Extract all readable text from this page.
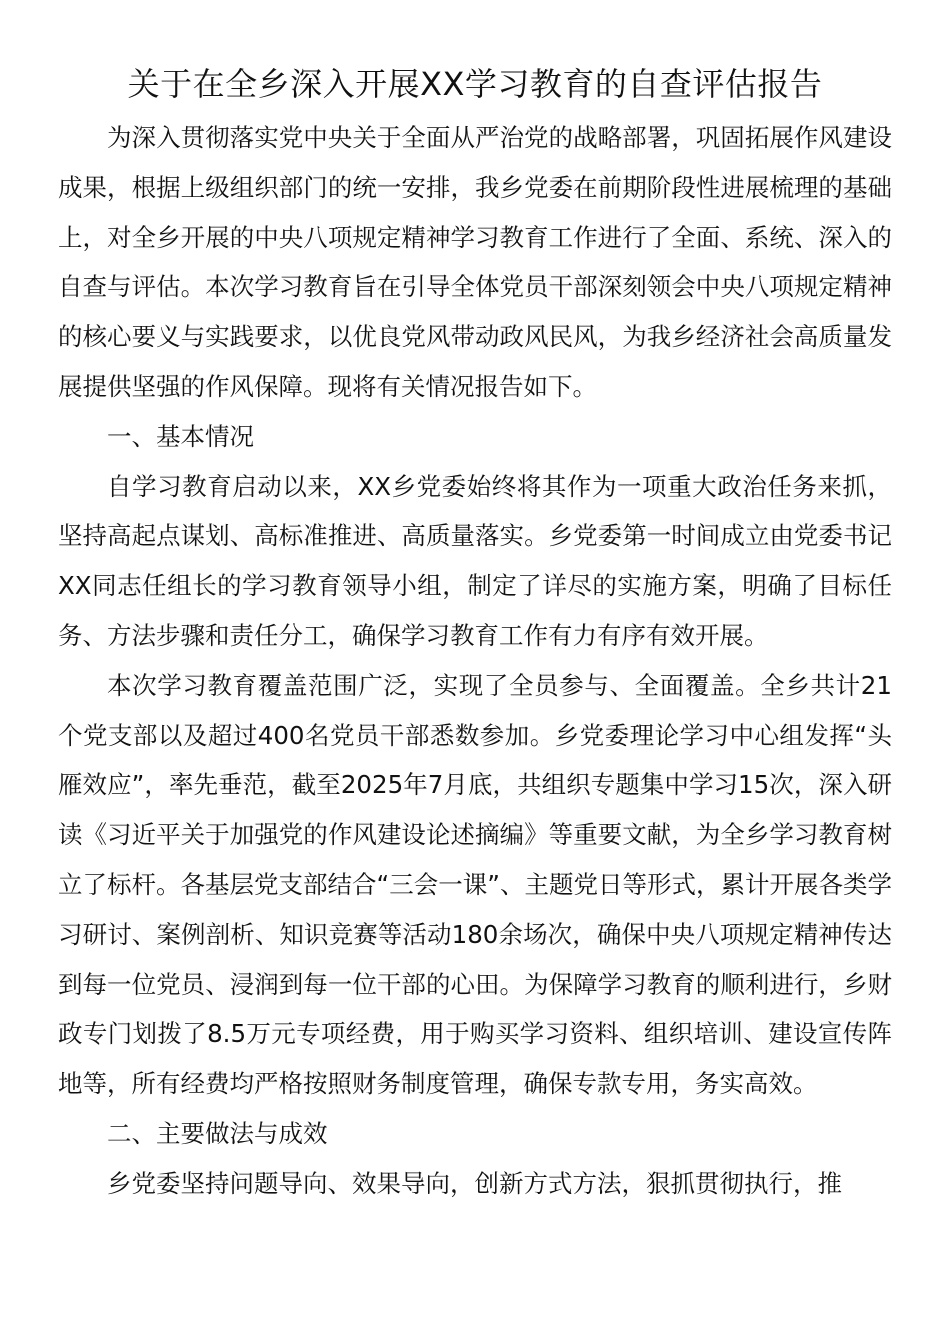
关于在全乡深入开展XX学习教育的自查评估报告

为深入贯彻落实党中央关于全面从严治党的战略部署，巩固拓展作风建设成果，根据上级组织部门的统一安排，我乡党委在前期阶段性进展梳理的基础上，对全乡开展的中央八项规定精神学习教育工作进行了全面、系统、深入的自查与评估。本次学习教育旨在引导全体党员干部深刻领会中央八项规定精神的核心要义与实践要求，以优良党风带动政风民风，为我乡经济社会高质量发展提供坚强的作风保障。现将有关情况报告如下。

一、基本情况

自学习教育启动以来，XX乡党委始终将其作为一项重大政治任务来抓，坚持高起点谋划、高标准推进、高质量落实。乡党委第一时间成立由党委书记XX同志任组长的学习教育领导小组，制定了详尽的实施方案，明确了目标任务、方法步骤和责任分工，确保学习教育工作有力有序有效开展。

本次学习教育覆盖范围广泛，实现了全员参与、全面覆盖。全乡共计21个党支部以及超过400名党员干部悉数参加。乡党委理论学习中心组发挥“头雁效应”，率先垂范，截至2025年7月底，共组织专题集中学习15次，深入研读《习近平关于加强党的作风建设论述摘编》等重要文献，为全乡学习教育树立了标杆。各基层党支部结合“三会一课”、主题党日等形式，累计开展各类学习研讨、案例剖析、知识竞赛等活动180余场次，确保中央八项规定精神传达到每一位党员、浸润到每一位干部的心田。为保障学习教育的顺利进行，乡财政专门划拨了8.5万元专项经费，用于购买学习资料、组织培训、建设宣传阵地等，所有经费均严格按照财务制度管理，确保专款专用，务实高效。

二、主要做法与成效

乡党委坚持问题导向、效果导向，创新方式方法，狠抓贯彻执行，推
